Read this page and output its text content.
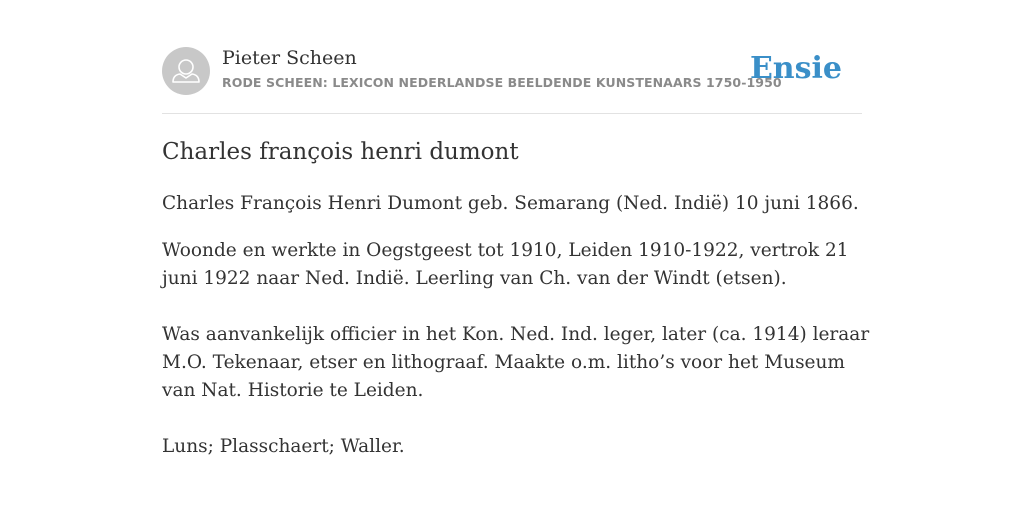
Pieter Scheen
RODE SCHEEN: LEXICON NEDERLANDSE BEELDENDE KUNSTENAARS 1750-1950
Ensie
Charles françois henri dumont

Charles François Henri Dumont geb. Semarang (Ned. Indië) 10 juni 1866.

Woonde en werkte in Oegstgeest tot 1910, Leiden 1910-1922, vertrok 21 juni 1922 naar Ned. Indië. Leerling van Ch. van der Windt (etsen).

Was aanvankelijk officier in het Kon. Ned. Ind. leger, later (ca. 1914) leraar M.O. Tekenaar, etser en lithograaf. Maakte o.m. litho’s voor het Museum van Nat. Historie te Leiden.

Luns; Plasschaert; Waller.
